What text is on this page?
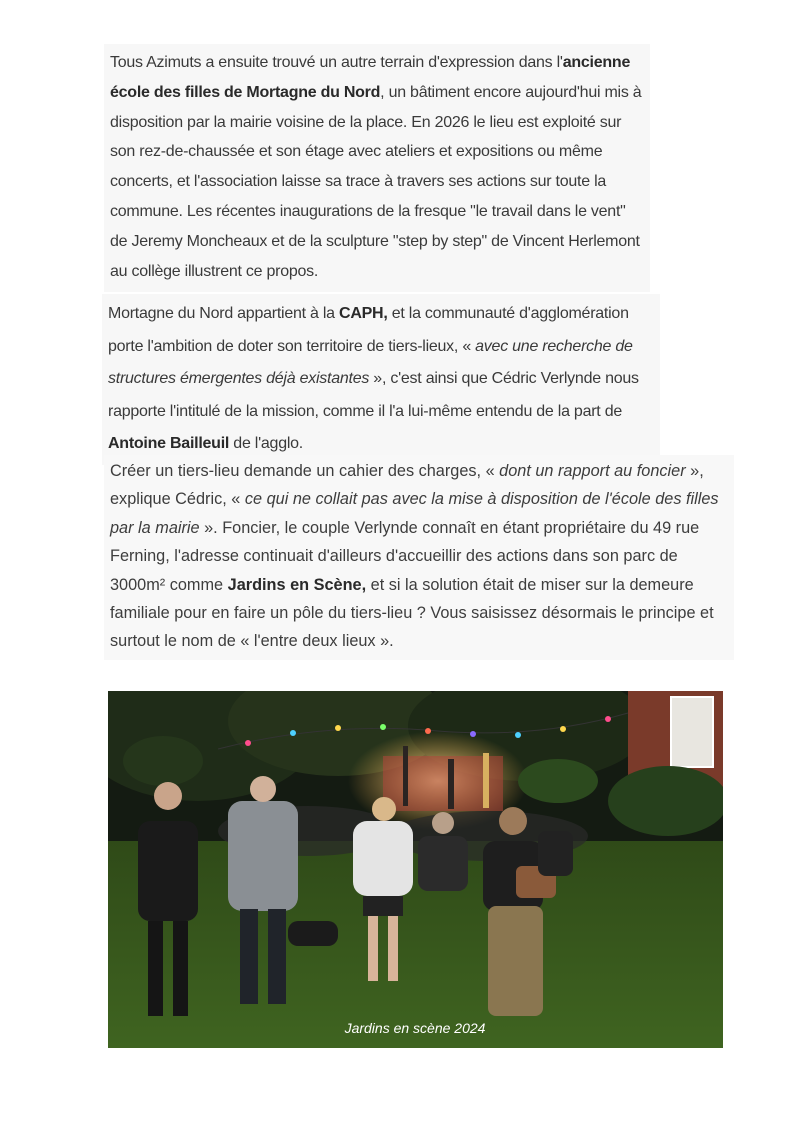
Tous Azimuts a ensuite trouvé un autre terrain d'expression dans l'ancienne école des filles de Mortagne du Nord, un bâtiment encore aujourd'hui mis à disposition par la mairie voisine de la place. En 2026 le lieu est exploité sur son rez-de-chaussée et son étage avec ateliers et expositions ou même concerts, et l'association laisse sa trace à travers ses actions sur toute la commune. Les récentes inaugurations de la fresque "le travail dans le vent" de Jeremy Moncheaux et de la sculpture "step by step" de Vincent Herlemont au collège illustrent ce propos.

Mortagne du Nord appartient à la CAPH, et la communauté d'agglomération porte l'ambition de doter son territoire de tiers-lieux, « avec une recherche de structures émergentes déjà existantes », c'est ainsi que Cédric Verlynde nous rapporte l'intitulé de la mission, comme il l'a lui-même entendu de la part de Antoine Bailleuil de l'agglo.

Créer un tiers-lieu demande un cahier des charges, « dont un rapport au foncier », explique Cédric, « ce qui ne collait pas avec la mise à disposition de l'école des filles par la mairie ». Foncier, le couple Verlynde connaît en étant propriétaire du 49 rue Ferning, l'adresse continuait d'ailleurs d'accueillir des actions dans son parc de 3000m² comme Jardins en Scène, et si la solution était de miser sur la demeure familiale pour en faire un pôle du tiers-lieu ? Vous saisissez désormais le principe et surtout le nom de « l'entre deux lieux ».

Jardins en scène 2024
